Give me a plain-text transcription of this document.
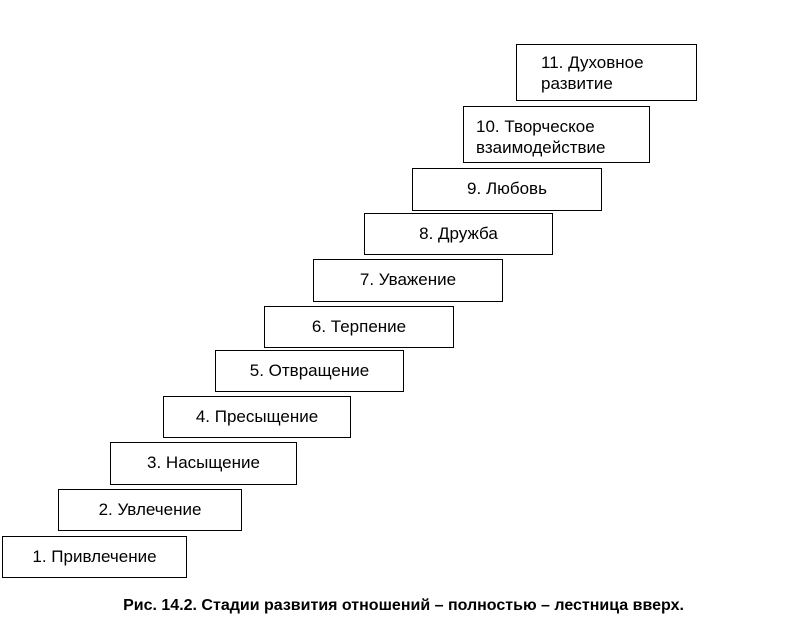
1. Привлечение
2. Увлечение
3. Насыщение
4. Пресыщение
5. Отвращение
6. Терпение
7. Уважение
8. Дружба
9. Любовь
10. Творческое
взаимодействие
11. Духовное
развитие
Рис. 14.2. Стадии развития отношений – полностью – лестница вверх.
